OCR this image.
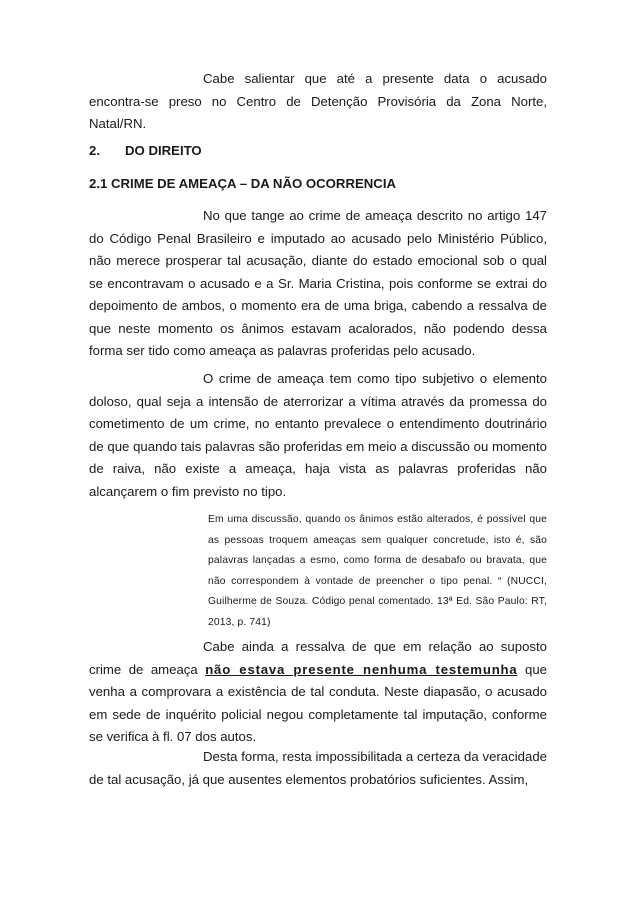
Cabe salientar que até a presente data o acusado encontra-se preso no Centro de Detenção Provisória da Zona Norte, Natal/RN.

2. DO DIREITO

2.1 CRIME DE AMEAÇA – DA NÃO OCORRENCIA

No que tange ao crime de ameaça descrito no artigo 147 do Código Penal Brasileiro e imputado ao acusado pelo Ministério Público, não merece prosperar tal acusação, diante do estado emocional sob o qual se encontravam o acusado e a Sr. Maria Cristina, pois conforme se extrai do depoimento de ambos, o momento era de uma briga, cabendo a ressalva de que neste momento os ânimos estavam acalorados, não podendo dessa forma ser tido como ameaça as palavras proferidas pelo acusado.

O crime de ameaça tem como tipo subjetivo o elemento doloso, qual seja a intensão de aterrorizar a vítima através da promessa do cometimento de um crime, no entanto prevalece o entendimento doutrinário de que quando tais palavras são proferidas em meio a discussão ou momento de raiva, não existe a ameaça, haja vista as palavras proferidas não alcançarem o fim previsto no tipo.

Em uma discussão, quando os ânimos estão alterados, é possível que as pessoas troquem ameaças sem qualquer concretude, isto é, são palavras lançadas a esmo, como forma de desabafo ou bravata, que não correspondem à vontade de preencher o tipo penal. “ (NUCCI, Guilherme de Souza. Código penal comentado. 13ª Ed. São Paulo: RT, 2013, p. 741)

Cabe ainda a ressalva de que em relação ao suposto crime de ameaça não estava presente nenhuma testemunha que venha a comprovara a existência de tal conduta. Neste diapasão, o acusado em sede de inquérito policial negou completamente tal imputação, conforme se verifica à fl. 07 dos autos.

Desta forma, resta impossibilitada a certeza da veracidade de tal acusação, já que ausentes elementos probatórios suficientes. Assim,
